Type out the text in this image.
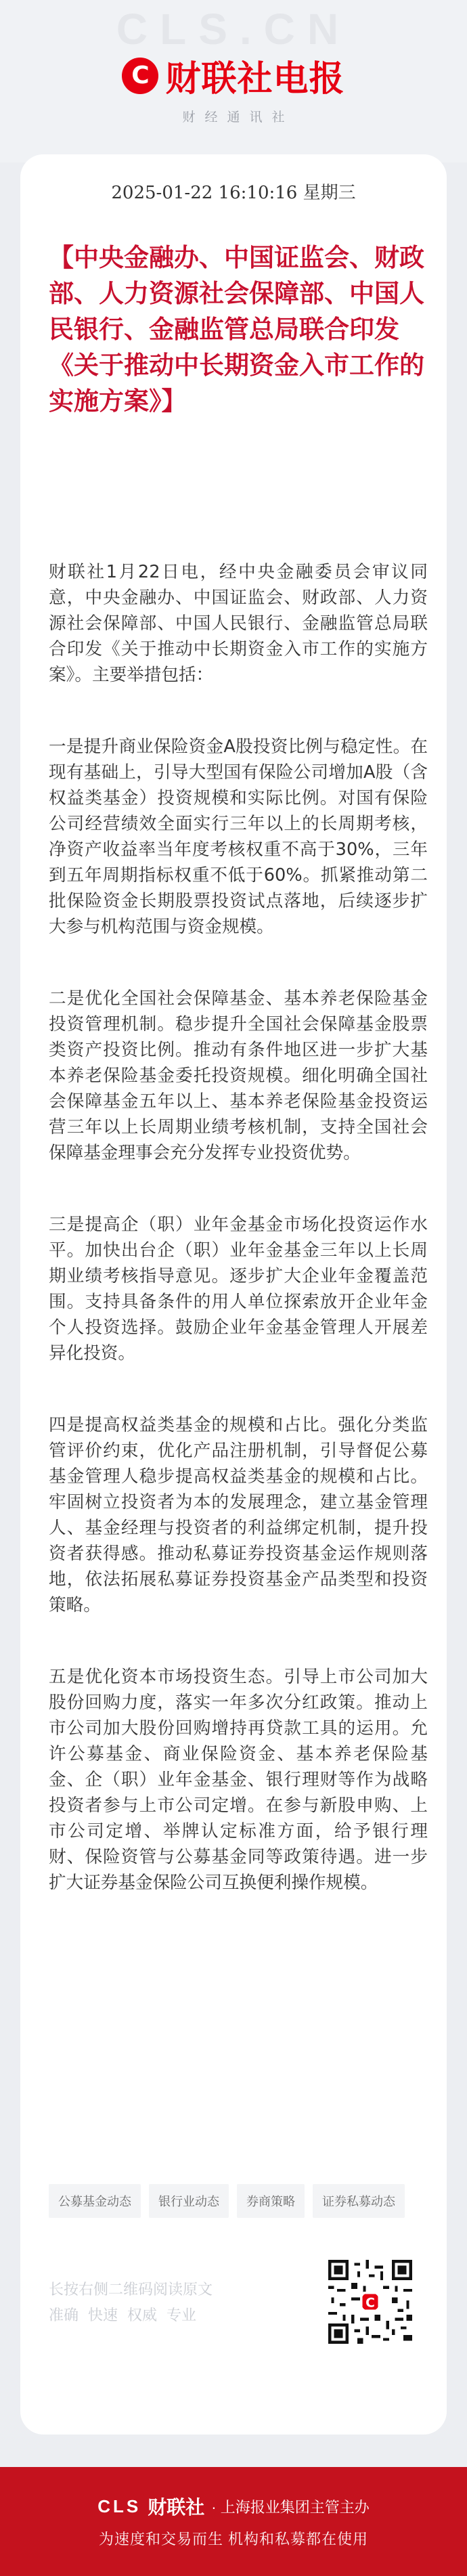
CLS.CN
C 财联社电报
财经通讯社
2025-01-22 16:10:16 星期三
【中央金融办、中国证监会、财政部、人力资源社会保障部、中国人民银行、金融监管总局联合印发《关于推动中长期资金入市工作的实施方案》】

财联社1月22日电，经中央金融委员会审议同意，中央金融办、中国证监会、财政部、人力资源社会保障部、中国人民银行、金融监管总局联合印发《关于推动中长期资金入市工作的实施方案》。主要举措包括：

一是提升商业保险资金A股投资比例与稳定性。在现有基础上，引导大型国有保险公司增加A股（含权益类基金）投资规模和实际比例。对国有保险公司经营绩效全面实行三年以上的长周期考核，净资产收益率当年度考核权重不高于30%，三年到五年周期指标权重不低于60%。抓紧推动第二批保险资金长期股票投资试点落地，后续逐步扩大参与机构范围与资金规模。

二是优化全国社会保障基金、基本养老保险基金投资管理机制。稳步提升全国社会保障基金股票类资产投资比例。推动有条件地区进一步扩大基本养老保险基金委托投资规模。细化明确全国社会保障基金五年以上、基本养老保险基金投资运营三年以上长周期业绩考核机制，支持全国社会保障基金理事会充分发挥专业投资优势。

三是提高企（职）业年金基金市场化投资运作水平。加快出台企（职）业年金基金三年以上长周期业绩考核指导意见。逐步扩大企业年金覆盖范围。支持具备条件的用人单位探索放开企业年金个人投资选择。鼓励企业年金基金管理人开展差异化投资。

四是提高权益类基金的规模和占比。强化分类监管评价约束，优化产品注册机制，引导督促公募基金管理人稳步提高权益类基金的规模和占比。牢固树立投资者为本的发展理念，建立基金管理人、基金经理与投资者的利益绑定机制，提升投资者获得感。推动私募证券投资基金运作规则落地，依法拓展私募证券投资基金产品类型和投资策略。

五是优化资本市场投资生态。引导上市公司加大股份回购力度，落实一年多次分红政策。推动上市公司加大股份回购增持再贷款工具的运用。允许公募基金、商业保险资金、基本养老保险基金、企（职）业年金基金、银行理财等作为战略投资者参与上市公司定增。在参与新股申购、上市公司定增、举牌认定标准方面，给予银行理财、保险资管与公募基金同等政策待遇。进一步扩大证券基金保险公司互换便利操作规模。

公募基金动态	银行业动态	券商策略	证券私募动态
长按右侧二维码阅读原文
准确 快速 权威 专业
C
CLS 财联社 · 上海报业集团主管主办
为速度和交易而生 机构和私募都在使用
